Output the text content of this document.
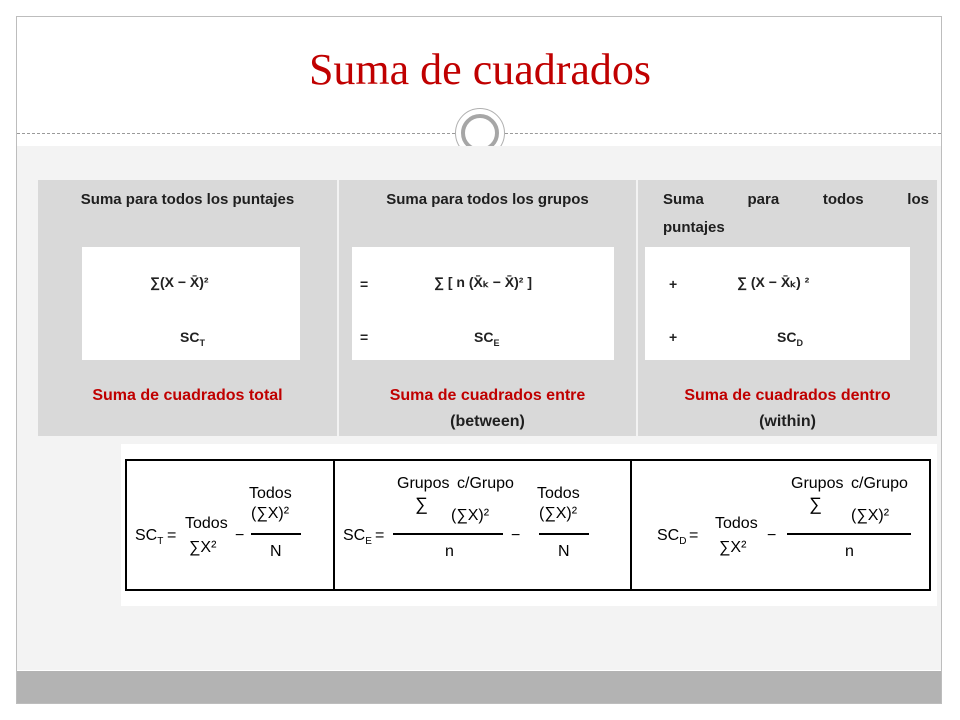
Suma de cuadrados
Suma para todos los puntajes
∑(X − X̄)²
$SC_T$
Suma de cuadrados total
Suma para todos los grupos
=	∑ [ n (X̄ₖ − X̄)² ]
=	$SC_E$
Suma de cuadrados entre
(between)
Suma	para	todos	los
puntajes
+	∑ (X − X̄ₖ) ²
+	$SC_D$
Suma de cuadrados dentro
(within)
$SC_T$ =
Todos
∑X²
−
Todos
(∑X)²
N
$SC_E$ =
Grupos c/Grupo
∑
(∑X)²
n
−
Todos
(∑X)²
N
$SC_D$ =
Todos
∑X²
−
Grupos c/Grupo
∑
(∑X)²
n
